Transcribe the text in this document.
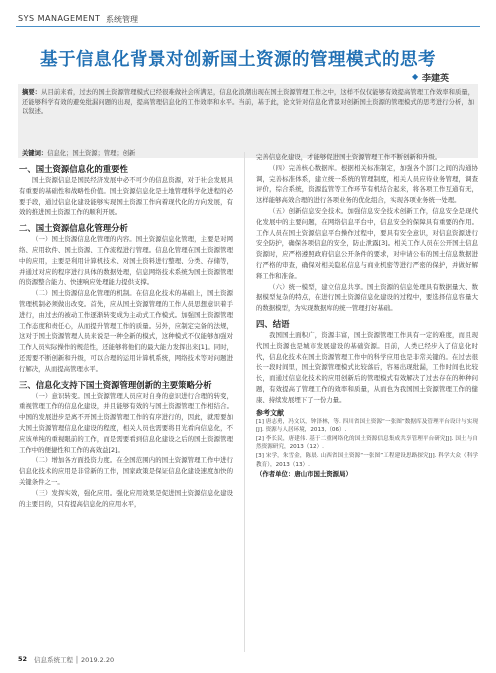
SYS MANAGEMENT 系统管理
基于信息化背景对创新国土资源的管理模式的思考
◆ 李建英
摘要：从目前来看，过去的国土资源管理模式已经很难做社会所满足，信息化浪潮出现在国土资源管理工作之中，这样不仅仅能够有效提高管理工作效率和质量，还能够科学有效的避免纰漏问题的出现，提高管理信息化的工作效率和水平。当前，基于此，论文针对信息化背景对创新国土资源的管理模式的思考进行分析，加以叙述。
关键词：信息化；国土资源；管理；创新

一、国土资源信息化的重要性

国土资源信息是国民经济发展中必不可少的信息资源，对于社会发展具有重要的基础性和战略性价值。国土资源信息化是土地管理科学化进程的必要手段，通过信息化建设能够实现国土资源工作向着现代化的方向发展，有效的推进国土资源工作的顺利开展。

二、国土资源信息化管理分析

（一）国土资源信息化管理的内容。国土资源信息化管理，主要是对网络、应用软件、国土资源、工作流程进行管理。信息化管理在国土资源管理中的应用，主要是利用计算机技术、对国土资料进行整理、分类、存储等，并通过对应的程序进行具体的数据处理，信息网络技术系统为国土资源管理的资源整合能力、快速响应处理能力提供支撑。

（二）国土资源信息化管理的机制。在信息化技术的基础上，国土资源管理机制必须做出改变。首先，应从国土资源管理的工作人员思想意识着手进行，由过去的被动工作逐渐转变成为主动式工作模式。加强国土资源管理工作态度和责任心，从而提升管理工作的质量。另外，应制定完备的法规，这对于国土资源管理人员来说是一种全新的模式，这种模式不仅能够加强对工作人员实际操作的规范性，还能够将他们的最大能力发挥出来[1]。同时，还需要不断创新和升级，可以合理的运用计算机系统，网络技术等对问题进行解决，从而提高管理水平。

三、信息化支持下国土资源管理创新的主要策略分析

（一）意识转变。国土资源管理人员应对自身的意识进行合理的转变，重视管理工作的信息化建设，并且能够有效的与国土资源管理工作相结合。中国的发展进步是离不开国土资源管理工作的有序进行的，因此，就需要加大国土资源管理信息化建设的程度，相关人员也需要将目光看向信息化，不应该单纯的重视眼前的工作，而是需要看到信息化建设之后的国土资源管理工作中的便捷性和工作的高效益[2]。

（二）增加各方面投资力度。在全国范围内的国土资源管理工作中进行信息化技术的应用是非常新的工作，国家政策是保证信息化建设速度加快的关键条件之一。

（三）发挥实效，强化应用。强化应用效果是促进国土资源信息化建设的主要目的，只有提高信息化的应用水平，

完善信息化建设，才能够促进国土资源管理工作不断创新和升级。

（四）完善核心数据库。根据相关标准制定，加强各个部门之间的沟通协调，完善标准体系，建立统一系统的管理制度，相关人员应待业务管理，调查评价，综合系统，资源监管等工作环节有机结合起来，将各项工作互通有无，这样能够高效合理的进行各项业务的优化组合，实现各项业务统一处理。

（五）创新信息安全技术。加强信息安全技术创新工作，信息安全是现代化发展中的主要问题，在网络信息平台中，信息安全的保障具有重要的作用。工作人员在国土资源信息平台操作过程中，要具有安全意识，对信息资源进行安全防护，确保各项信息的安全，防止泄露[3]。相关工作人员在公开国土信息资源时，应严格遵照政府信息公开条件的要求，对申请公布的国土信息数据进行严格的审查，确保对相关隐私信息与商业机密等进行严密的保护，并做好解释工作和准备。

（六）统一模型，建立信息共享。国土资源的信息处理具有数据量大、数据模型复杂的特点，在进行国土资源信息化建设的过程中，要选择信息容量大的数据模型，为实现数据库的统一管理打好基础。

四、结语

我国国土面积广，资源丰富，国土资源管理工作具有一定的难度，而且现代国土资源也是城市发展建设的基础资源。目前，人类已经步入了信息化时代，信息化技术在国土资源管理工作中的科学应用也是非常关键的。在过去很长一段时间里，国土资源管理模式比较落后，容易出现纰漏，工作时间也比较长，而通过信息化技术的应用创新后的管理模式有效解决了过去存在的种种问题，有效提高了管理工作的效率和质量，从而也为我国国土资源管理工作的健康、持续发展埋下了一份力量。

参考文献

[1] 唐志勇，冯文以，钟泽林，等. 四川省国土资源“一张图”数据库及管理平台设计与实现[J]. 资源与人居环境，2013,（06）.

[2] 李长民，唐建伟. 基于二重网络化的国土资源信息集成共享管理平台研究[J]. 国土与自然资源研究，2013（12）.

[3] 宋学，朱雪金，陈晨. 山西省国土资源“一张图”工程建设思路探究[J]. 科学大众（科学教育），2013（13）.

（作者单位：唐山市国土资源局）

52 信息系统工程 │ 2019.2.20
